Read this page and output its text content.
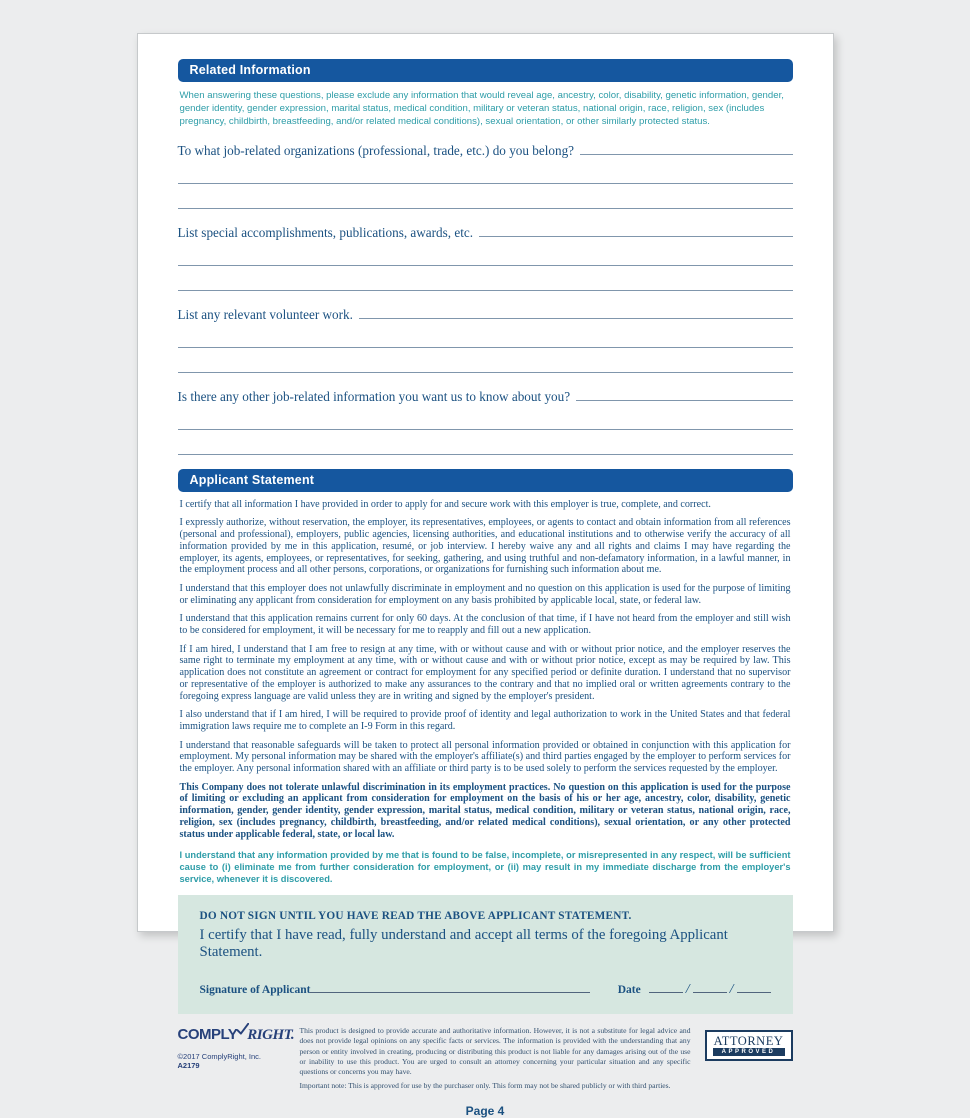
Related Information

When answering these questions, please exclude any information that would reveal age, ancestry, color, disability, genetic information, gender, gender identity, gender expression, marital status, medical condition, military or veteran status, national origin, race, religion, sex (includes pregnancy, childbirth, breastfeeding, and/or related medical conditions), sexual orientation, or other similarly protected status.

To what job-related organizations (professional, trade, etc.) do you belong?
List special accomplishments, publications, awards, etc.
List any relevant volunteer work.
Is there any other job-related information you want us to know about you?
Applicant Statement

I certify that all information I have provided in order to apply for and secure work with this employer is true, complete, and correct.

I expressly authorize, without reservation, the employer, its representatives, employees, or agents to contact and obtain information from all references (personal and professional), employers, public agencies, licensing authorities, and educational institutions and to otherwise verify the accuracy of all information provided by me in this application, resumé, or job interview. I hereby waive any and all rights and claims I may have regarding the employer, its agents, employees, or representatives, for seeking, gathering, and using truthful and non-defamatory information, in a lawful manner, in the employment process and all other persons, corporations, or organizations for furnishing such information about me.

I understand that this employer does not unlawfully discriminate in employment and no question on this application is used for the purpose of limiting or eliminating any applicant from consideration for employment on any basis prohibited by applicable local, state, or federal law.

I understand that this application remains current for only 60 days. At the conclusion of that time, if I have not heard from the employer and still wish to be considered for employment, it will be necessary for me to reapply and fill out a new application.

If I am hired, I understand that I am free to resign at any time, with or without cause and with or without prior notice, and the employer reserves the same right to terminate my employment at any time, with or without cause and with or without prior notice, except as may be required by law. This application does not constitute an agreement or contract for employment for any specified period or definite duration. I understand that no supervisor or representative of the employer is authorized to make any assurances to the contrary and that no implied oral or written agreements contrary to the foregoing express language are valid unless they are in writing and signed by the employer's president.

I also understand that if I am hired, I will be required to provide proof of identity and legal authorization to work in the United States and that federal immigration laws require me to complete an I-9 Form in this regard.

I understand that reasonable safeguards will be taken to protect all personal information provided or obtained in conjunction with this application for employment. My personal information may be shared with the employer's affiliate(s) and third parties engaged by the employer to perform services for the employer. Any personal information shared with an affiliate or third party is to be used solely to perform the services requested by the employer.

This Company does not tolerate unlawful discrimination in its employment practices. No question on this application is used for the purpose of limiting or excluding an applicant from consideration for employment on the basis of his or her age, ancestry, color, disability, genetic information, gender, gender identity, gender expression, marital status, medical condition, military or veteran status, national origin, race, religion, sex (includes pregnancy, childbirth, breastfeeding, and/or related medical conditions), sexual orientation, or any other protected status under applicable federal, state, or local law.

I understand that any information provided by me that is found to be false, incomplete, or misrepresented in any respect, will be sufficient cause to (i) eliminate me from further consideration for employment, or (ii) may result in my immediate discharge from the employer's service, whenever it is discovered.

DO NOT SIGN UNTIL YOU HAVE READ THE ABOVE APPLICANT STATEMENT.
I certify that I have read, fully understand and accept all terms of the foregoing Applicant Statement.
Signature of Applicant	Date	/	/
COMPLY RIGHT.
©2017 ComplyRight, Inc.
A2179

This product is designed to provide accurate and authoritative information. However, it is not a substitute for legal advice and does not provide legal opinions on any specific facts or services. The information is provided with the understanding that any person or entity involved in creating, producing or distributing this product is not liable for any damages arising out of the use or inability to use this product. You are urged to consult an attorney concerning your particular situation and any specific questions or concerns you may have.

Important note: This is approved for use by the purchaser only. This form may not be shared publicly or with third parties.

ATTORNEY
APPROVED
Page 4
